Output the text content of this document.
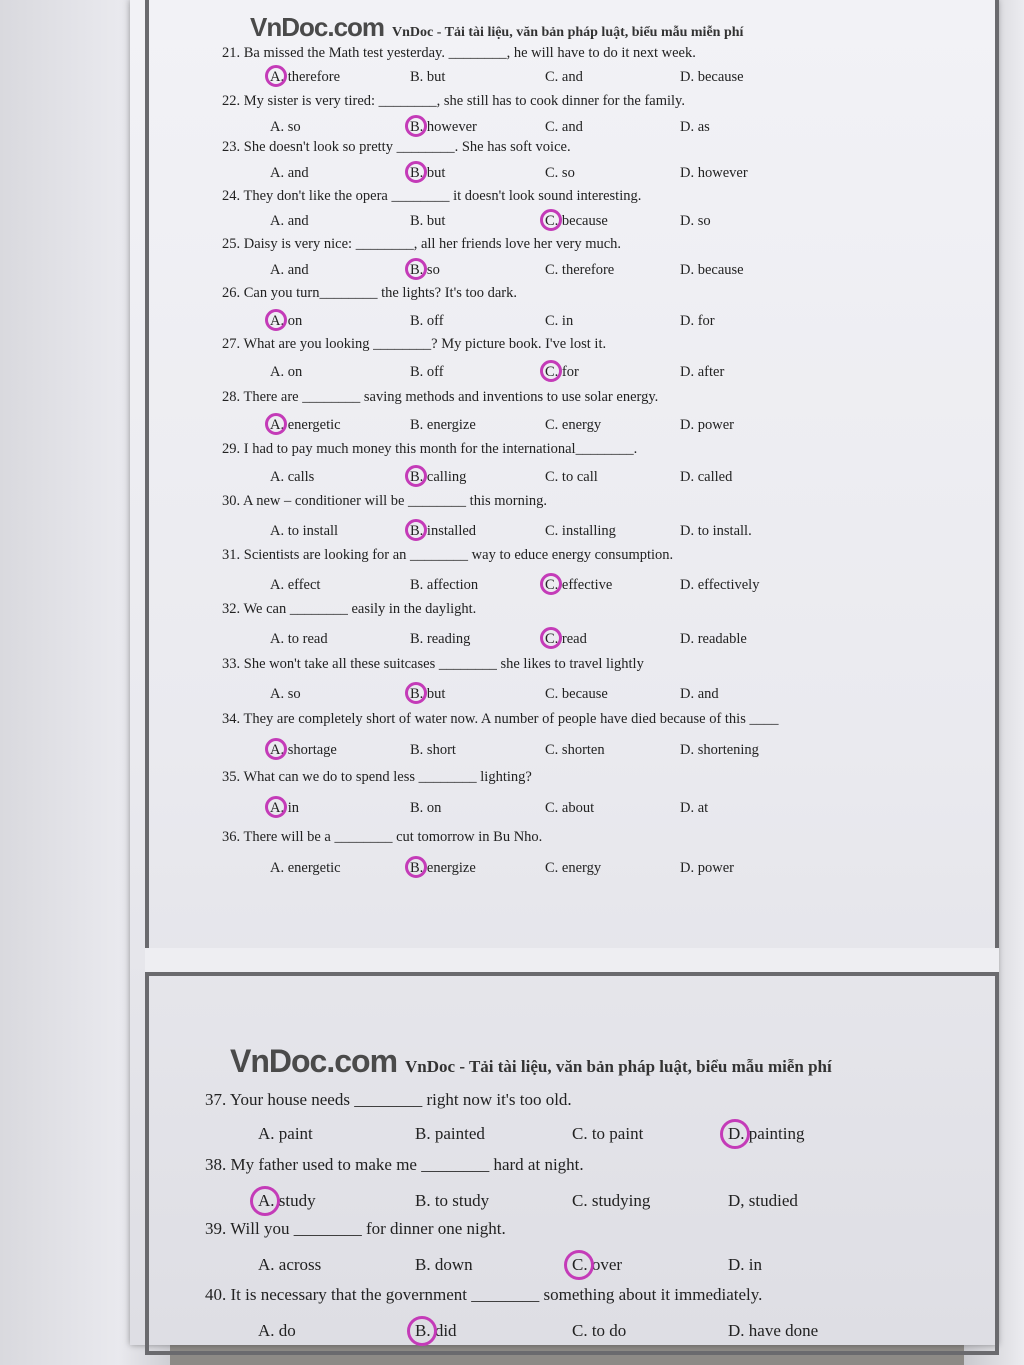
VnDoc.com VnDoc - Tải tài liệu, văn bản pháp luật, biểu mẫu miễn phí
VnDoc.com VnDoc - Tải tài liệu, văn bản pháp luật, biểu mẫu miễn phí
21. Ba missed the Math test yesterday. ________, he will have to do it next week.
A. therefore	B. but	C. and	D. because
22. My sister is very tired: ________, she still has to cook dinner for the family.
A. so	B. however	C. and	D. as
23. She doesn't look so pretty ________. She has soft voice.
A. and	B. but	C. so	D. however
24. They don't like the opera ________ it doesn't look sound interesting.
A. and	B. but	C. because	D. so
25. Daisy is very nice: ________, all her friends love her very much.
A. and	B. so	C. therefore	D. because
26. Can you turn________ the lights? It's too dark.
A. on	B. off	C. in	D. for
27. What are you looking ________? My picture book. I've lost it.
A. on	B. off	C. for	D. after
28. There are ________ saving methods and inventions to use solar energy.
A. energetic	B. energize	C. energy	D. power
29. I had to pay much money this month for the international________.
A. calls	B. calling	C. to call	D. called
30. A new – conditioner will be ________ this morning.
A. to install	B. installed	C. installing	D. to install.
31. Scientists are looking for an ________ way to educe energy consumption.
A. effect	B. affection	C. effective	D. effectively
32. We can ________ easily in the daylight.
A. to read	B. reading	C. read	D. readable
33. She won't take all these suitcases ________ she likes to travel lightly
A. so	B. but	C. because	D. and
34. They are completely short of water now. A number of people have died because of this ____
A. shortage	B. short	C. shorten	D. shortening
35. What can we do to spend less ________ lighting?
A. in	B. on	C. about	D. at
36. There will be a ________ cut tomorrow in Bu Nho.
A. energetic	B. energize	C. energy	D. power
37. Your house needs ________ right now it's too old.
A. paint	B. painted	C. to paint	D. painting
38. My father used to make me ________ hard at night.
A. study	B. to study	C. studying	D, studied
39. Will you ________ for dinner one night.
A. across	B. down	C. over	D. in
40. It is necessary that the government ________ something about it immediately.
A. do	B. did	C. to do	D. have done
